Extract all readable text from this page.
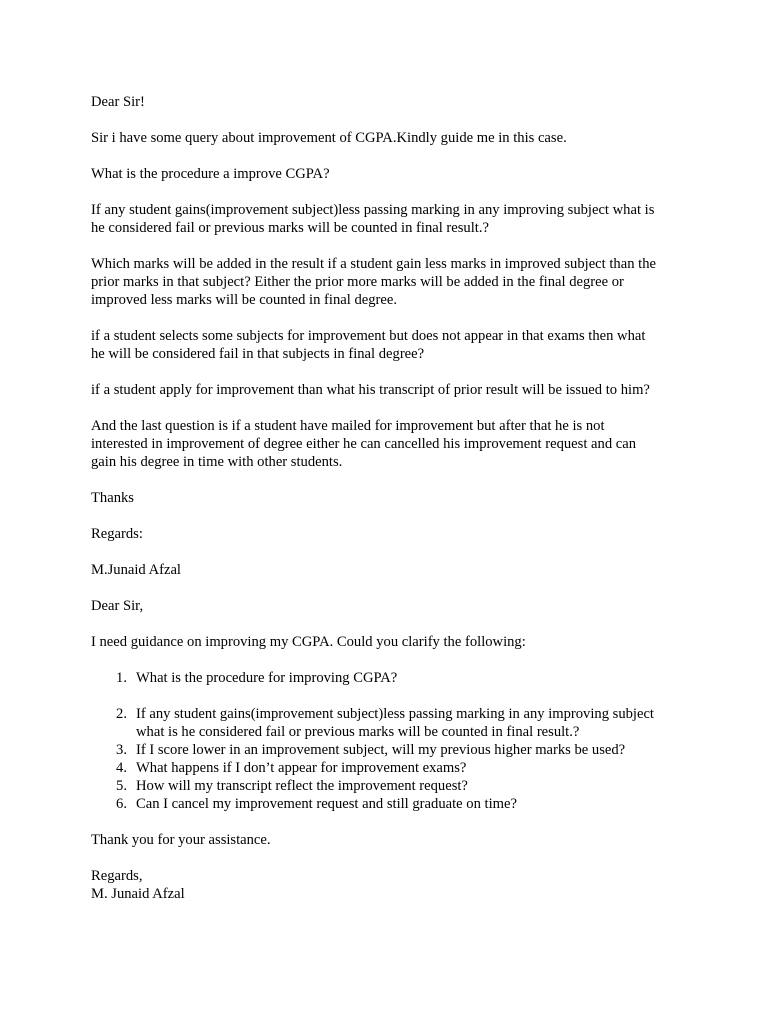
Dear Sir!
Sir i have some query about improvement of CGPA.Kindly guide me in this case.
What is the procedure a improve CGPA?
If any student gains(improvement subject)less passing marking in any improving subject what is
he considered fail or previous marks will be counted in final result.?
Which marks will be added in the result if a student gain less marks in improved subject than the
prior marks in that subject? Either the prior more marks will be added in the final degree or
improved less marks will be counted in final degree.
if a student selects some subjects for improvement but does not appear in that exams then what
he will be considered fail in that subjects in final degree?
if a student apply for improvement than what his transcript of prior result will be issued to him?
And the last question is if a student have mailed for improvement but after that he is not
interested in improvement of degree either he can cancelled his improvement request and can
gain his degree in time with other students.
Thanks
Regards:
M.Junaid Afzal
Dear Sir,
I need guidance on improving my CGPA. Could you clarify the following:
1. What is the procedure for improving CGPA?
2. If any student gains(improvement subject)less passing marking in any improving subject
what is he considered fail or previous marks will be counted in final result.?
3. If I score lower in an improvement subject, will my previous higher marks be used?
4. What happens if I don’t appear for improvement exams?
5. How will my transcript reflect the improvement request?
6. Can I cancel my improvement request and still graduate on time?
Thank you for your assistance.
Regards,
M. Junaid Afzal
